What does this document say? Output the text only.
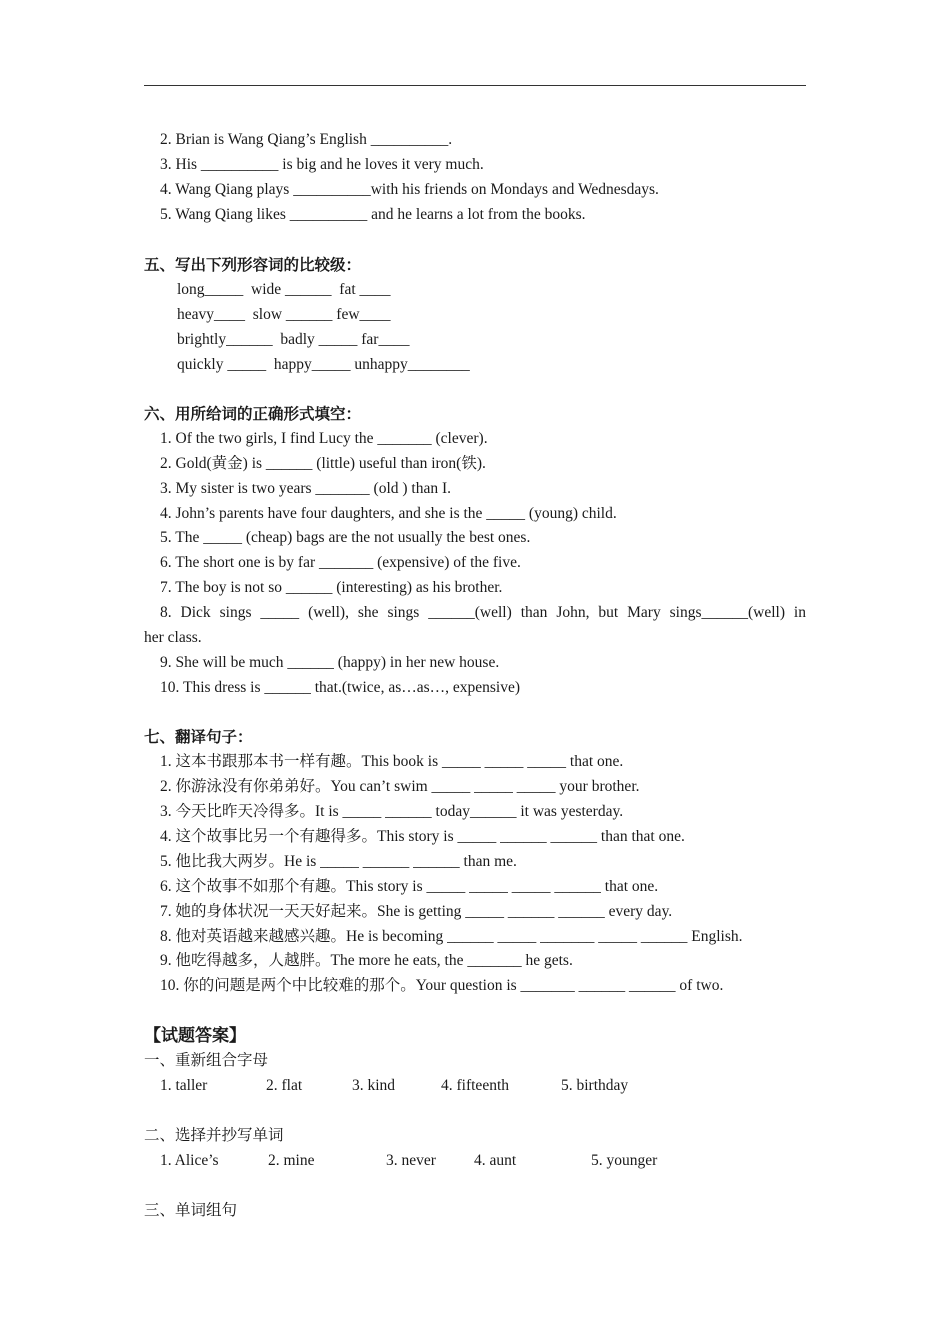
2. Brian is Wang Qiang’s English __________.
3. His __________ is big and he loves it very much.
4. Wang Qiang plays __________with his friends on Mondays and Wednesdays.
5. Wang Qiang likes __________ and he learns a lot from the books.
五、写出下列形容词的比较级：
long_____  wide ______  fat ____
heavy____  slow ______ few____
brightly______  badly _____ far____
quickly _____  happy_____ unhappy________
六、用所给词的正确形式填空：
1. Of the two girls, I find Lucy the _______ (clever).
2. Gold(黄金) is ______ (little) useful than iron(铁).
3. My sister is two years _______ (old ) than I.
4. John’s parents have four daughters, and she is the _____ (young) child.
5. The _____ (cheap) bags are the not usually the best ones.
6. The short one is by far _______ (expensive) of the five.
7. The boy is not so ______ (interesting) as his brother.
8. Dick sings _____ (well), she sings ______(well) than John, but Mary sings______(well) in
her class.
9. She will be much ______ (happy) in her new house.
10. This dress is ______ that.(twice, as…as…, expensive)
七、翻译句子：
1. 这本书跟那本书一样有趣。This book is _____ _____ _____ that one.
2. 你游泳没有你弟弟好。You can’t swim _____ _____ _____ your brother.
3. 今天比昨天冷得多。It is _____ ______ today______ it was yesterday.
4. 这个故事比另一个有趣得多。This story is _____ ______ ______ than that one.
5. 他比我大两岁。He is _____ ______ ______ than me.
6. 这个故事不如那个有趣。This story is _____ _____ _____ ______ that one.
7. 她的身体状况一天天好起来。She is getting _____ ______ ______ every day.
8. 他对英语越来越感兴趣。He is becoming ______ _____ _______ _____ ______ English.
9. 他吃得越多，人越胖。The more he eats, the _______ he gets.
10. 你的问题是两个中比较难的那个。Your question is _______ ______ ______ of two.
【试题答案】
一、重新组合字母

1. taller

	2. flat

	3. kind

	4. fifteenth

	5. birthday

二、选择并抄写单词

1. Alice’s

	2. mine

	3. never

4. aunt

	5. younger

三、单词组句
